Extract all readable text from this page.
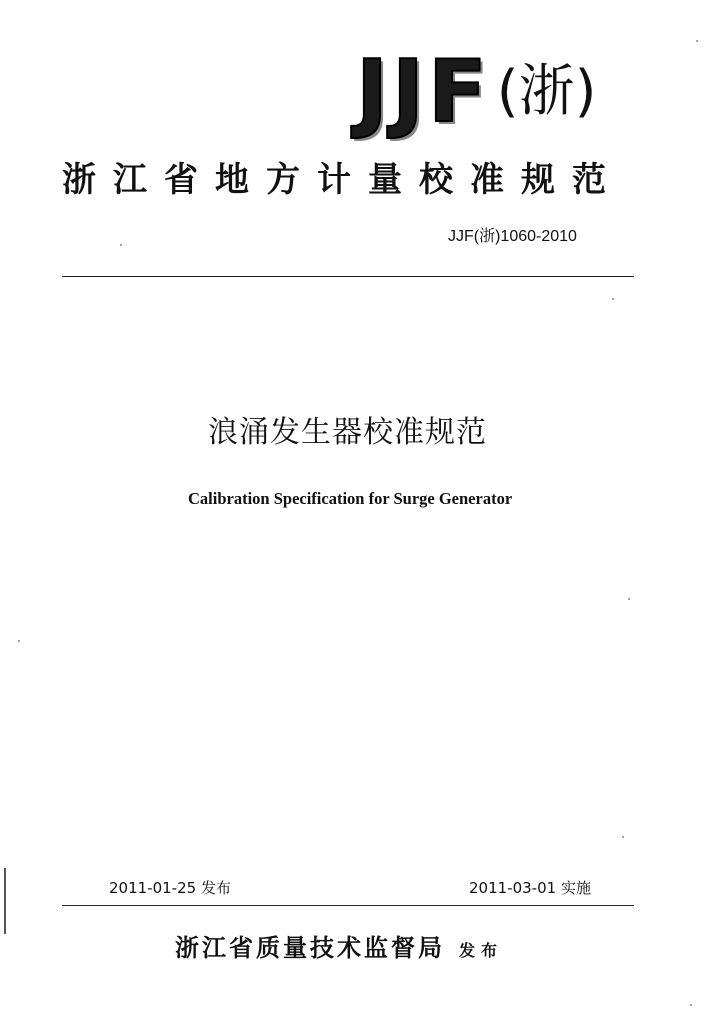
JJF (浙)
浙江省地方计量校准规范
JJF(浙)1060-2010
浪涌发生器校准规范
Calibration Specification for Surge Generator
2011-01-25 发布	2011-03-01 实施
浙江省质量技术监督局 发布
